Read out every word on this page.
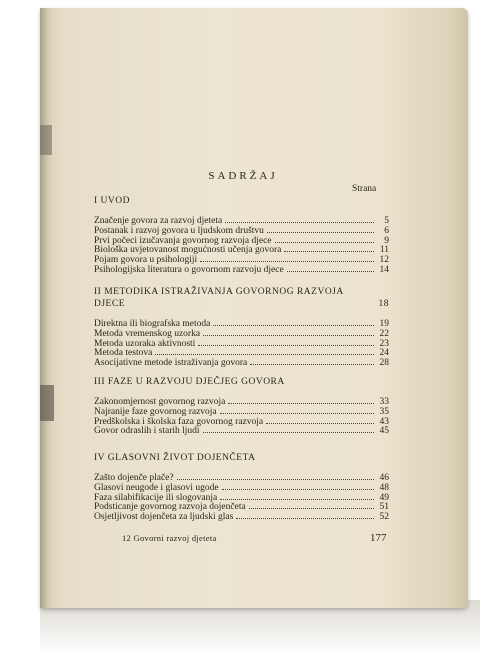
SADRŽAJ
Strana
I UVOD
Značenje govora za razvoj djeteta	5
Postanak i razvoj govora u ljudskom društvu	6
Prvi počeci izučavanja govornog razvoja djece	9
Biološka uvjetovanost mogućnosti učenja govora	11
Pojam govora u psihologiji	12
Psihologijska literatura o govornom razvoju djece	14
II METODIKA ISTRAŽIVANJA GOVORNOG RAZVOJA
DJECE	18
Direktna ili biografska metoda	19
Metoda vremenskog uzorka	22
Metoda uzoraka aktivnosti	23
Metoda testova	24
Asocijativne metode istraživanja govora	28
III FAZE U RAZVOJU DJEČJEG GOVORA
Zakonomjernost govornog razvoja	33
Najranije faze govornog razvoja	35
Predškolska i školska faza govornog razvoja	43
Govor odraslih i starih ljudi	45
IV GLASOVNI ŽIVOT DOJENČETA
Zašto dojenče plače?	46
Glasovi neugode i glasovi ugode	48
Faza silabifikacije ili slogovanja	49
Podsticanje govornog razvoja dojenčeta	51
Osjetljivost dojenčeta za ljudski glas	52
12 Govorni razvoj djeteta	177
